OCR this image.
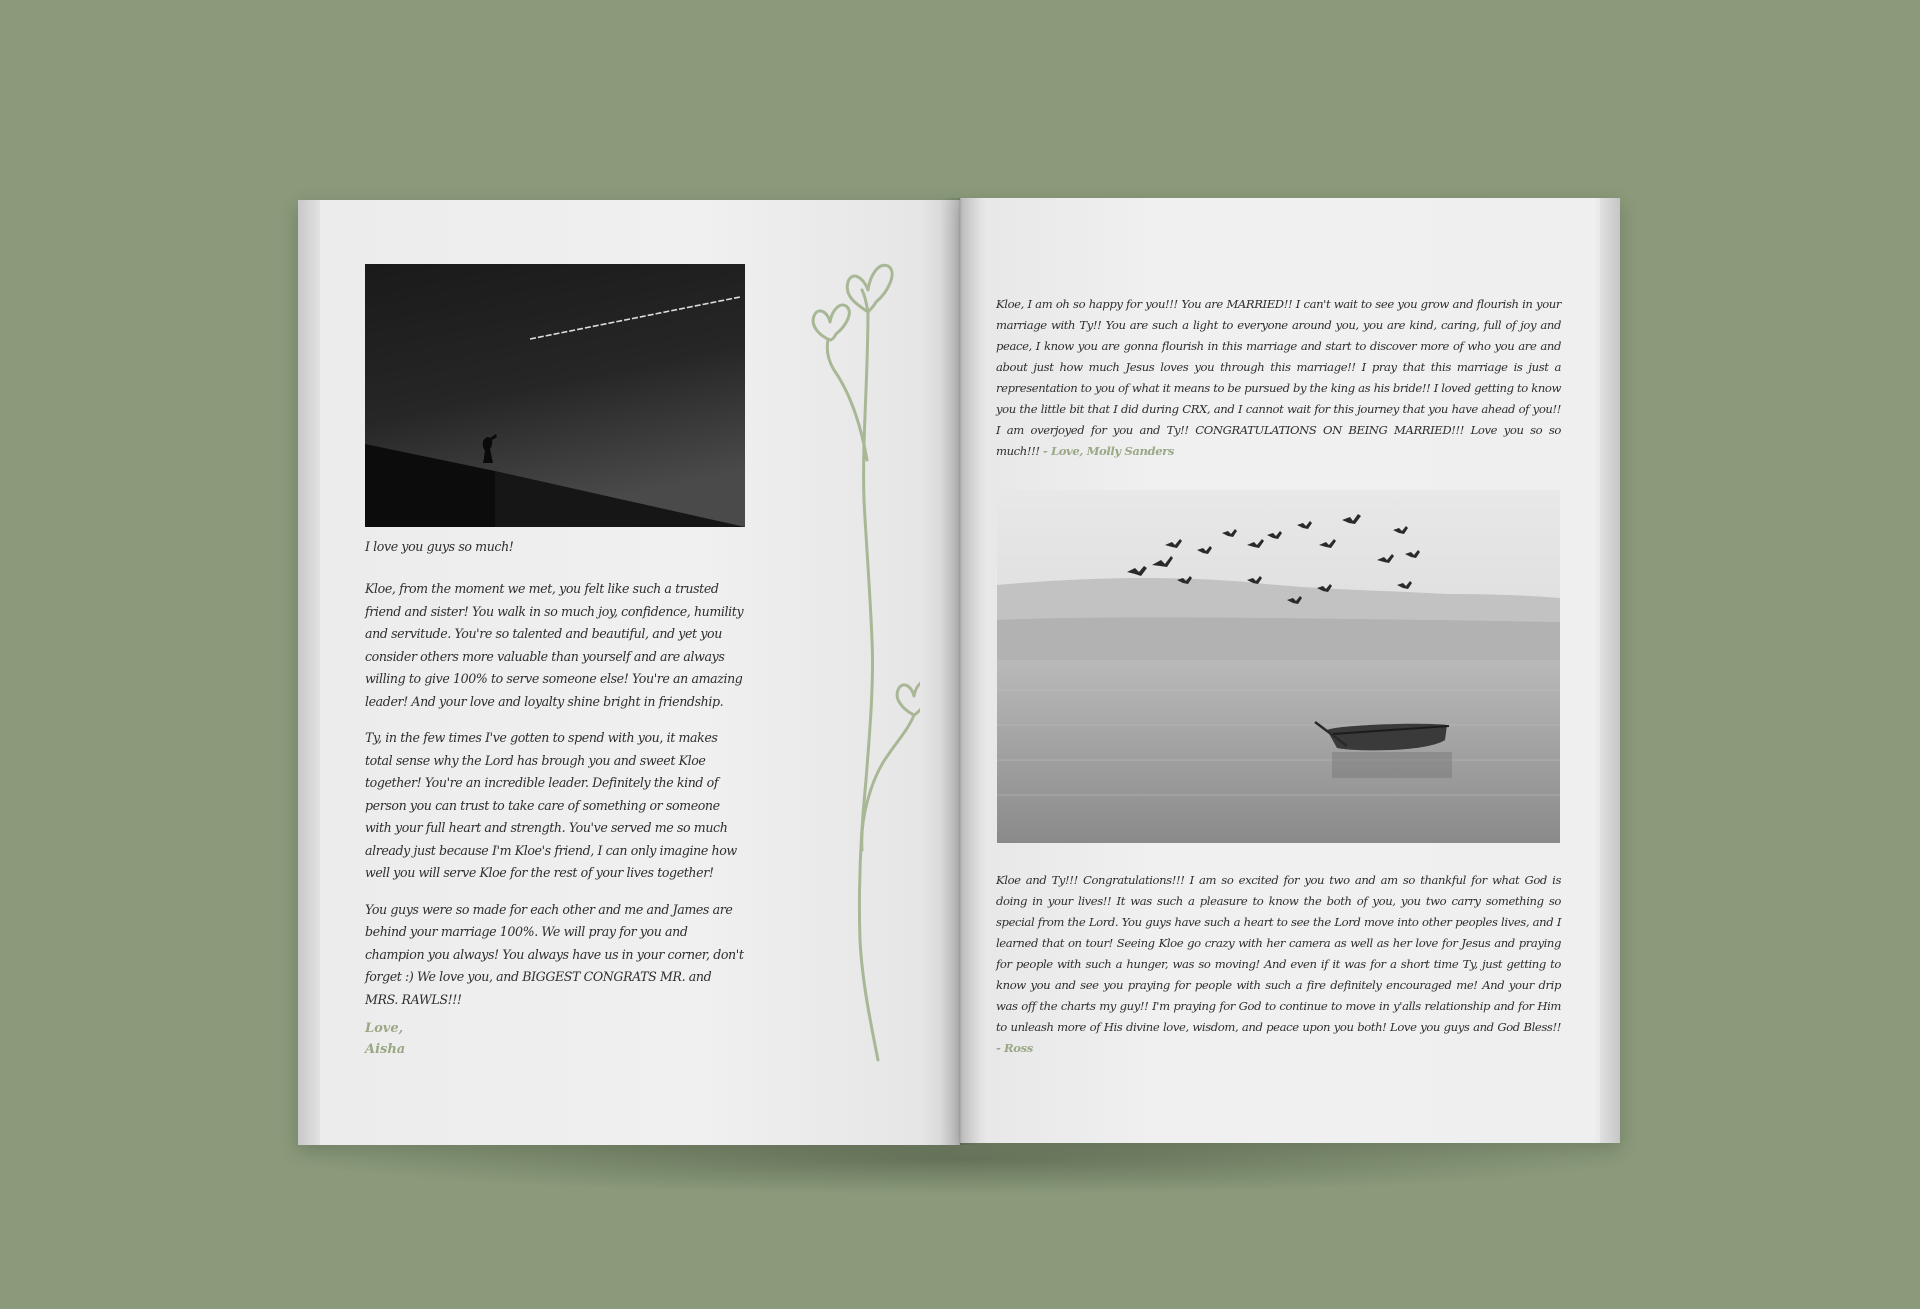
I love you guys so much!

Kloe, from the moment we met, you felt like such a trusted friend and sister! You walk in so much joy, confidence, humility and servitude. You're so talented and beautiful, and yet you consider others more valuable than yourself and are always willing to give 100% to serve someone else! You're an amazing leader! And your love and loyalty shine bright in friendship.

Ty, in the few times I've gotten to spend with you, it makes total sense why the Lord has brough you and sweet Kloe together! You're an incredible leader. Definitely the kind of person you can trust to take care of something or someone with your full heart and strength. You've served me so much already just because I'm Kloe's friend, I can only imagine how well you will serve Kloe for the rest of your lives together!

You guys were so made for each other and me and James are behind your marriage 100%. We will pray for you and champion you always! You always have us in your corner, don't forget :) We love you, and BIGGEST CONGRATS MR. and MRS. RAWLS!!!

Love,
Aisha
Kloe, I am oh so happy for you!!! You are MARRIED!! I can't wait to see you grow and flourish in your marriage with Ty!! You are such a light to everyone around you, you are kind, caring, full of joy and peace, I know you are gonna flourish in this marriage and start to discover more of who you are and about just how much Jesus loves you through this marriage!! I pray that this marriage is just a representation to you of what it means to be pursued by the king as his bride!! I loved getting to know you the little bit that I did during CRX, and I cannot wait for this journey that you have ahead of you!! I am overjoyed for you and Ty!! CONGRATULATIONS ON BEING MARRIED!!! Love you so so much!!! - Love, Molly Sanders
Kloe and Ty!!! Congratulations!!! I am so excited for you two and am so thankful for what God is doing in your lives!! It was such a pleasure to know the both of you, you two carry something so special from the Lord. You guys have such a heart to see the Lord move into other peoples lives, and I learned that on tour! Seeing Kloe go crazy with her camera as well as her love for Jesus and praying for people with such a hunger, was so moving! And even if it was for a short time Ty, just getting to know you and see you praying for people with such a fire definitely encouraged me! And your drip was off the charts my guy!! I'm praying for God to continue to move in y'alls relationship and for Him to unleash more of His divine love, wisdom, and peace upon you both! Love you guys and God Bless!! - Ross
